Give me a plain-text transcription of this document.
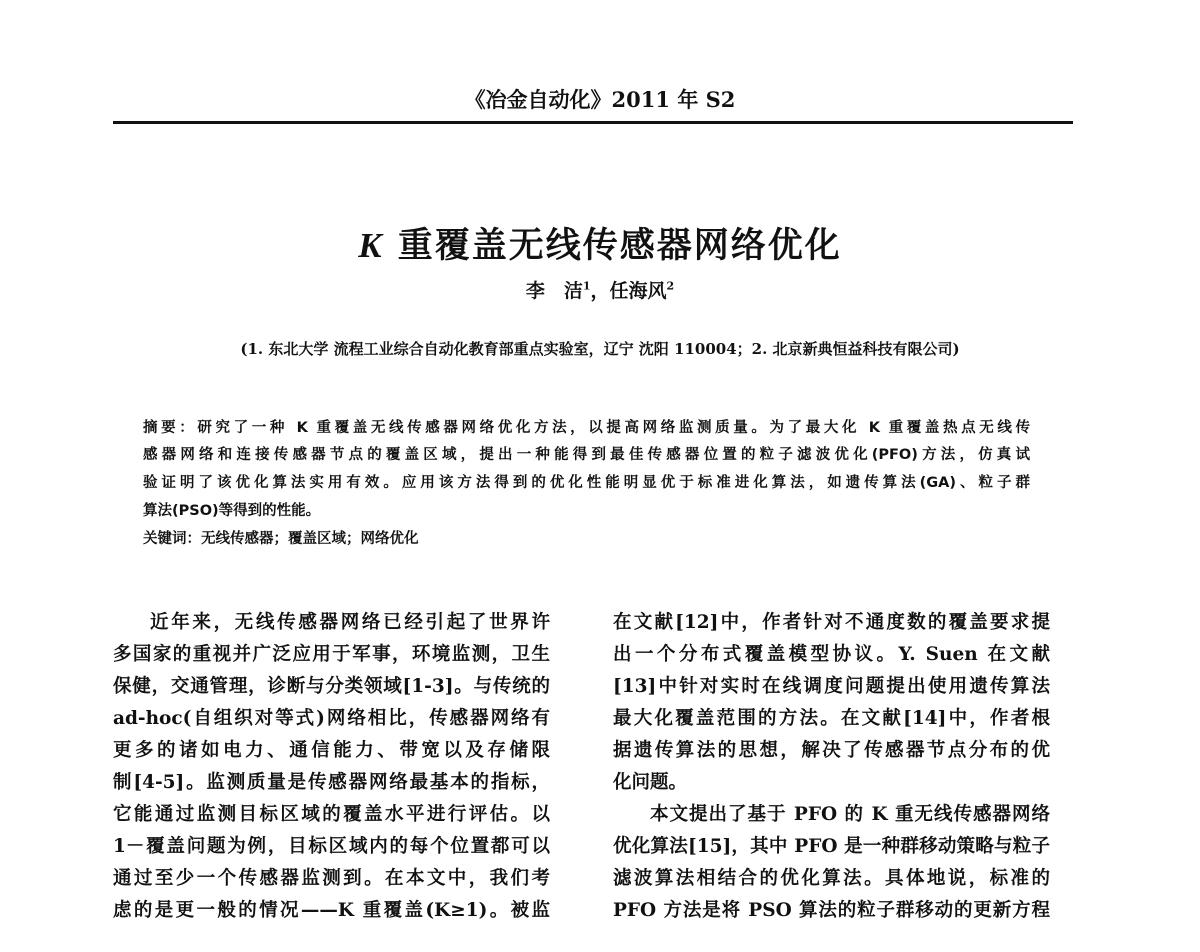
《冶金自动化》2011 年 S2
K 重覆盖无线传感器网络优化
李　洁$^1$，任海风$^2$
(1. 东北大学 流程工业综合自动化教育部重点实验室，辽宁 沈阳 110004；2. 北京新典恒益科技有限公司)
摘要：研究了一种 K 重覆盖无线传感器网络优化方法，以提高网络监测质量。为了最大化 K 重覆盖热点无线传
感器网络和连接传感器节点的覆盖区域，提出一种能得到最佳传感器位置的粒子滤波优化(PFO)方法，仿真试
验证明了该优化算法实用有效。应用该方法得到的优化性能明显优于标准进化算法，如遗传算法(GA)、粒子群
算法(PSO)等得到的性能。
关键词：无线传感器；覆盖区域；网络优化
近年来，无线传感器网络已经引起了世界许
多国家的重视并广泛应用于军事，环境监测，卫生
保健，交通管理，诊断与分类领域[1-3]。与传统的
ad-hoc(自组织对等式)网络相比，传感器网络有
更多的诸如电力、通信能力、带宽以及存储限
制[4-5]。监测质量是传感器网络最基本的指标，
它能通过监测目标区域的覆盖水平进行评估。以
1－覆盖问题为例，目标区域内的每个位置都可以
通过至少一个传感器监测到。在本文中，我们考
虑的是更一般的情况——K 重覆盖(K≥1)。被监
在文献[12]中，作者针对不通度数的覆盖要求提
出一个分布式覆盖模型协议。Y. Suen 在文献
[13]中针对实时在线调度问题提出使用遗传算法
最大化覆盖范围的方法。在文献[14]中，作者根
据遗传算法的思想，解决了传感器节点分布的优
化问题。
本文提出了基于 PFO 的 K 重无线传感器网络
优化算法[15]，其中 PFO 是一种群移动策略与粒子
滤波算法相结合的优化算法。具体地说，标准的
PFO 方法是将 PSO 算法的粒子群移动的更新方程
